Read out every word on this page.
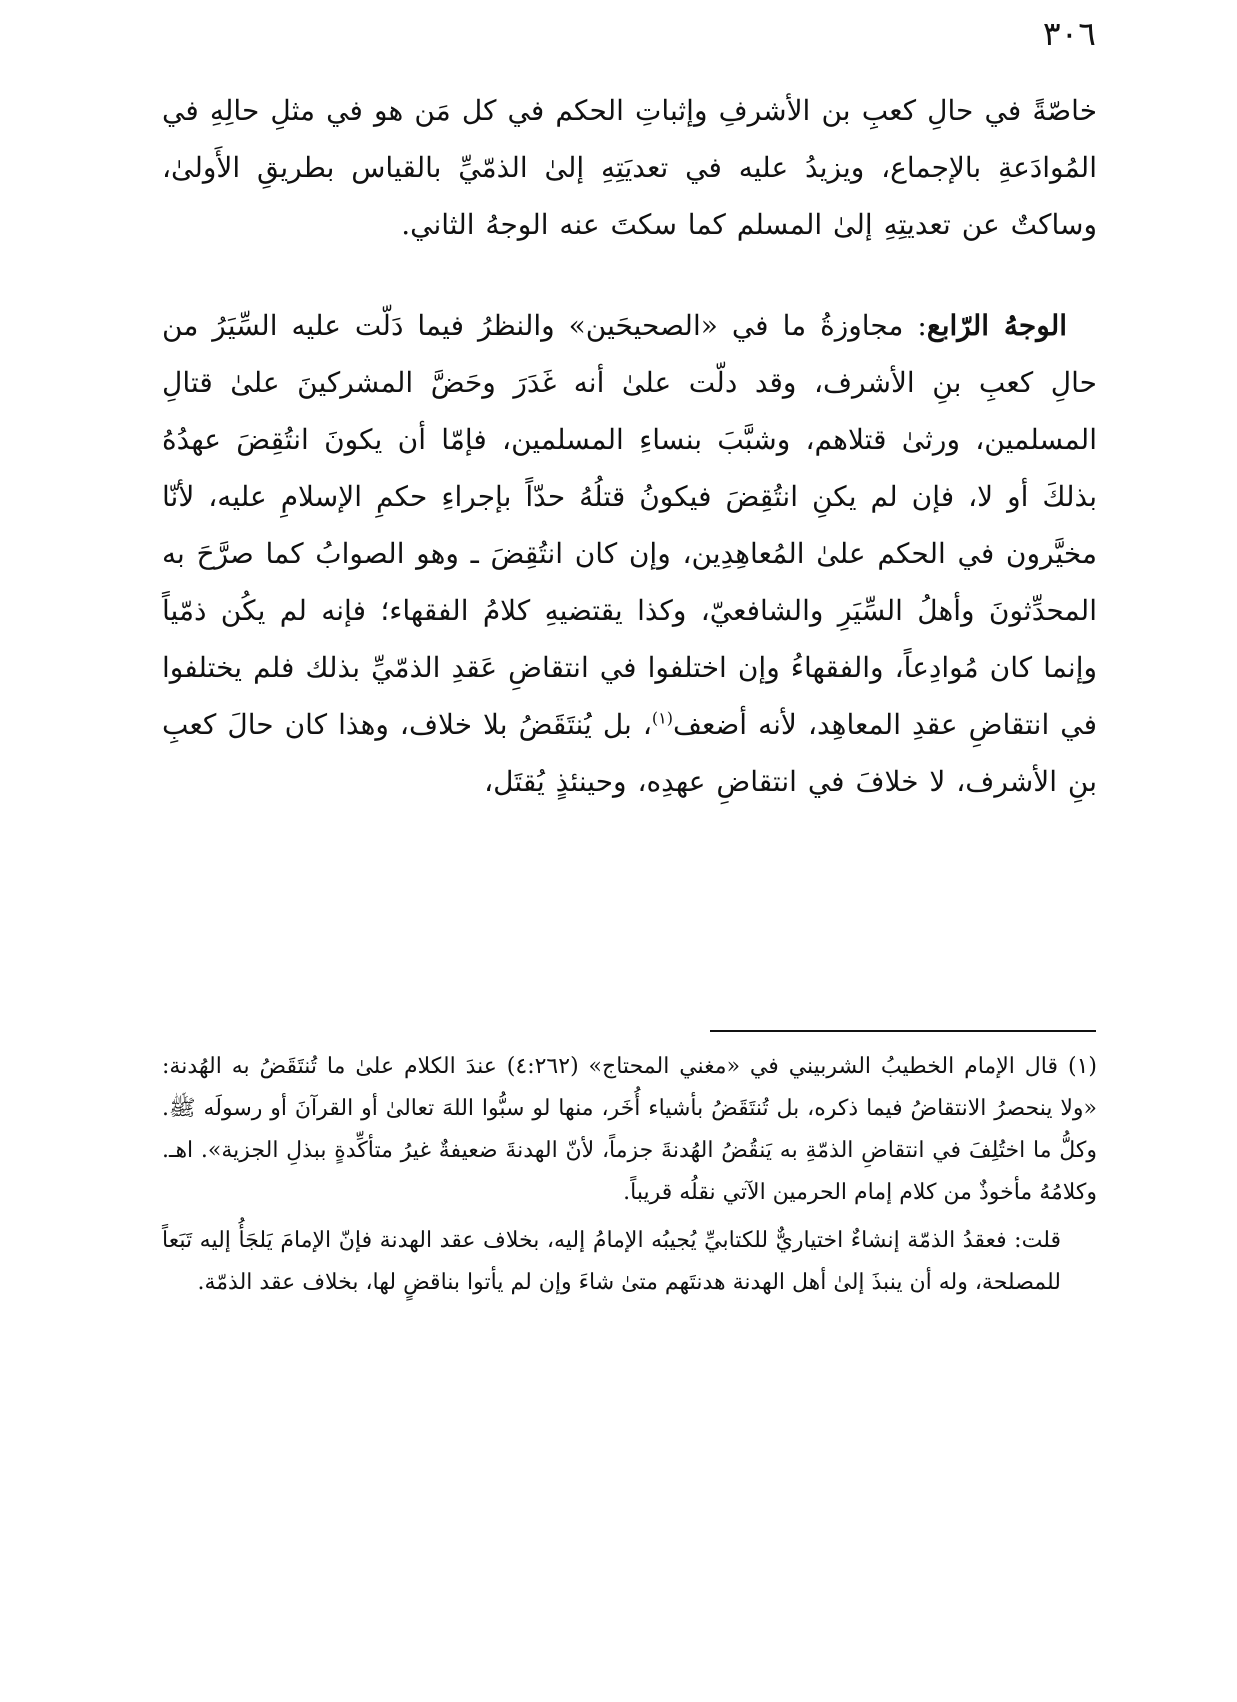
٣٠٦

خاصّةً في حالِ كعبِ بن الأشرفِ وإثباتِ الحكم في كل مَن هو في مثلِ حالِهِ في المُوادَعةِ بالإجماع، ويزيدُ عليه في تعديَتِهِ إلىٰ الذمّيِّ بالقياس بطريقِ الأَولىٰ، وساكتٌ عن تعديتِهِ إلىٰ المسلم كما سكتَ عنه الوجهُ الثاني.

الوجهُ الرّابع: مجاوزةُ ما في «الصحيحَين» والنظرُ فيما دَلّت عليه السِّيَرُ من حالِ كعبِ بنِ الأشرف، وقد دلّت علىٰ أنه غَدَرَ وحَضَّ المشركينَ علىٰ قتالِ المسلمين، ورثىٰ قتلاهم، وشبَّبَ بنساءِ المسلمين، فإمّا أن يكونَ انتُقِضَ عهدُهُ بذلكَ أو لا، فإن لم يكنِ انتُقِضَ فيكونُ قتلُهُ حدّاً بإجراءِ حكمِ الإسلامِ عليه، لأنّا مخيَّرون في الحكم علىٰ المُعاهِدِين، وإن كان انتُقِضَ ـ وهو الصوابُ كما صرَّحَ به المحدِّثونَ وأهلُ السِّيَرِ والشافعيّ، وكذا يقتضيهِ كلامُ الفقهاء؛ فإنه لم يكُن ذمّياً وإنما كان مُوادِعاً، والفقهاءُ وإن اختلفوا في انتقاضِ عَقدِ الذمّيِّ بذلك فلم يختلفوا في انتقاضِ عقدِ المعاهِد، لأنه أضعف$^{(١)}$، بل يُنتَقَضُ بلا خلاف، وهذا كان حالَ كعبِ بنِ الأشرف، لا خلافَ في انتقاضِ عهدِه، وحينئذٍ يُقتَل،

(١)قال الإمام الخطيبُ الشربيني في «مغني المحتاج» (٤:٢٦٢) عندَ الكلام علىٰ ما تُنتَقَضُ به الهُدنة: «ولا ينحصرُ الانتقاضُ فيما ذكره، بل تُنتَقَضُ بأشياء أُخَر، منها لو سبُّوا اللهَ تعالىٰ أو القرآنَ أو رسولَه ﷺ. وكلُّ ما اختُلِفَ في انتقاضِ الذمّةِ به يَنقُضُ الهُدنةَ جزماً، لأنّ الهدنةَ ضعيفةٌ غيرُ متأكِّدةٍ ببذلِ الجزية». اهـ. وكلامُهُ مأخوذٌ من كلام إمام الحرمين الآتي نقلُه قريباً.

قلت: فعقدُ الذمّة إنشاءٌ اختياريٌّ للكتابيِّ يُجيبُه الإمامُ إليه، بخلاف عقد الهدنة فإنّ الإمامَ يَلجَأُ إليه تَبَعاً للمصلحة، وله أن ينبذَ إلىٰ أهل الهدنة هدنتَهم متىٰ شاءَ وإن لم يأتوا بناقضٍ لها، بخلاف عقد الذمّة.
